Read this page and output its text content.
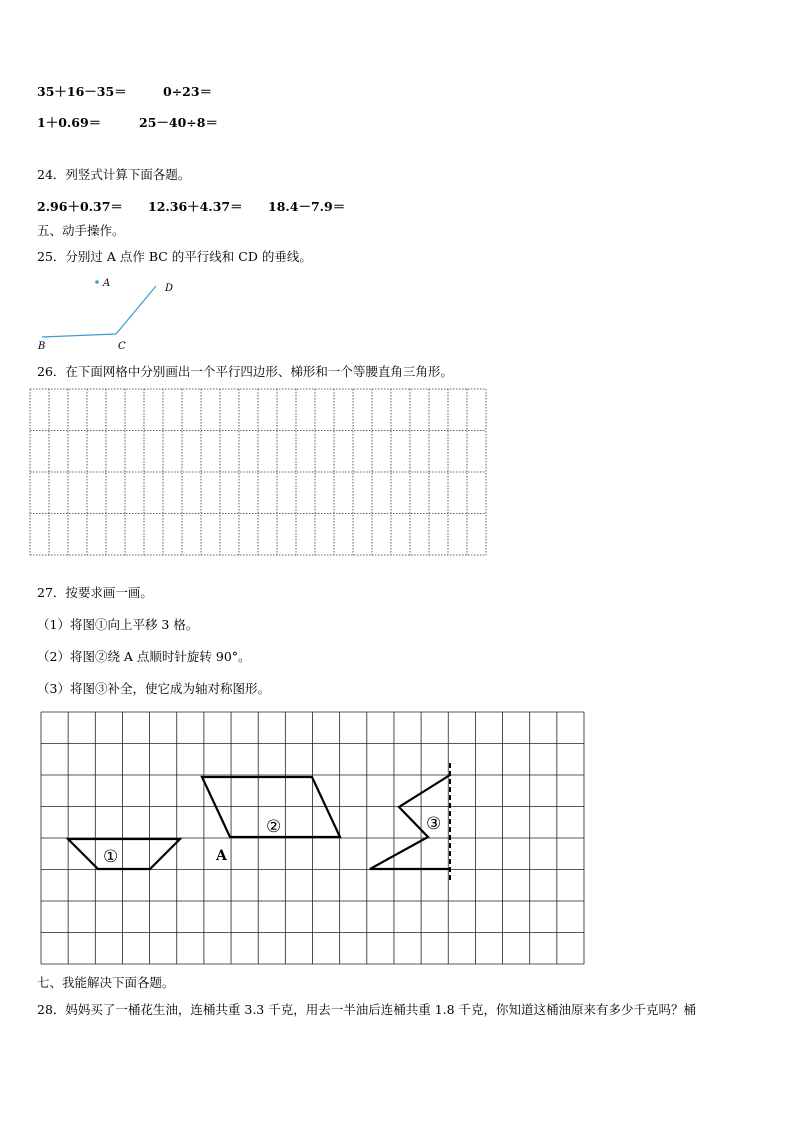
35＋16－35＝	0÷23＝
1＋0.69＝	25－40÷8＝
24．列竖式计算下面各题。
2.96＋0.37＝ 12.36＋4.37＝ 18.4－7.9＝
五、动手操作。
25．分别过 A 点作 BC 的平行线和 CD 的垂线。
A
B	C
D
26．在下面网格中分别画出一个平行四边形、梯形和一个等腰直角三角形。
27．按要求画一画。
（1）将图①向上平移 3 格。
（2）将图②绕 A 点顺时针旋转 90°。
（3）将图③补全，使它成为轴对称图形。
①
②
A
③
七、我能解决下面各题。
28．妈妈买了一桶花生油，连桶共重 3.3 千克，用去一半油后连桶共重 1.8 千克，你知道这桶油原来有多少千克吗？桶
